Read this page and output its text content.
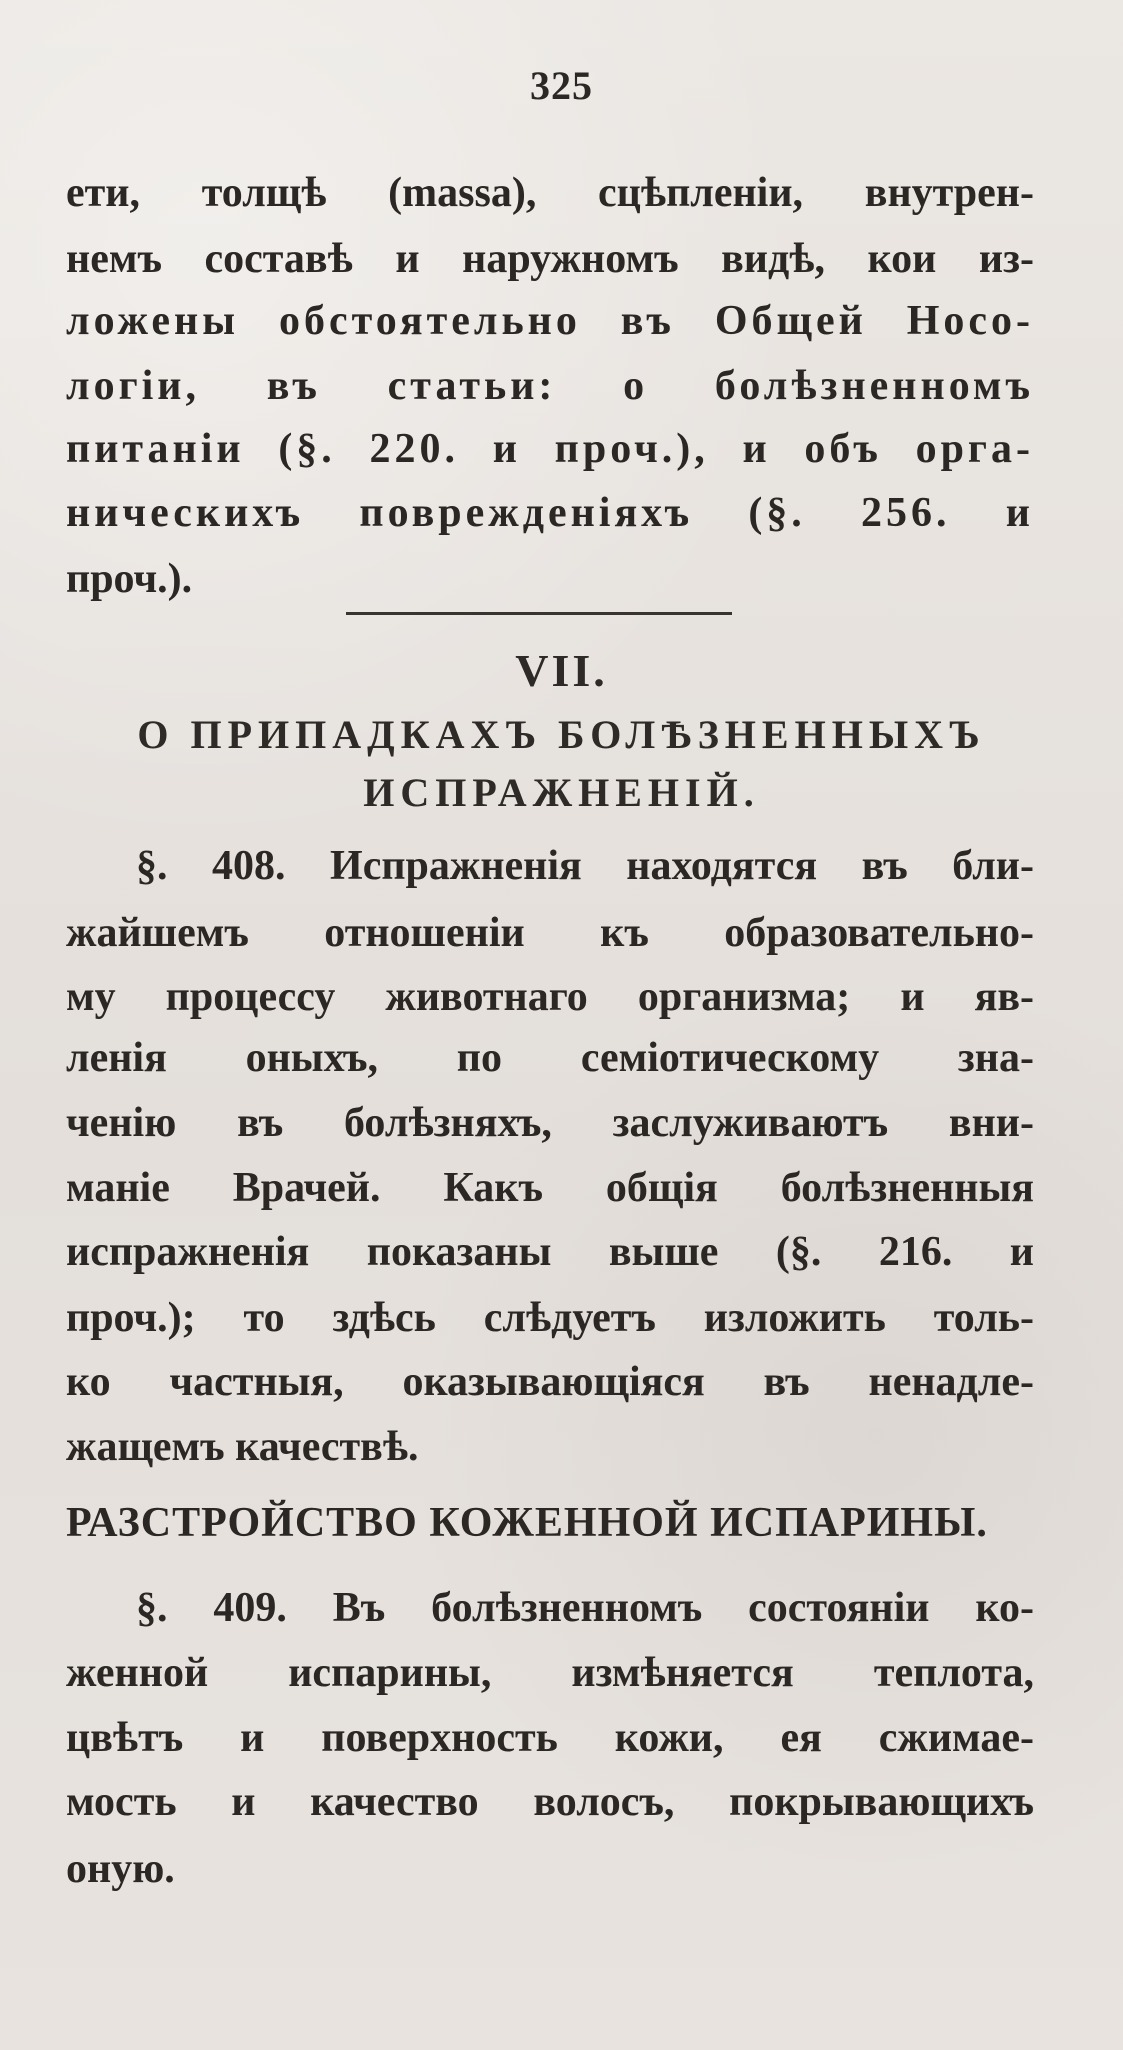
325
ети, толщѣ (massa), сцѣпленіи, внутрен-
немъ составѣ и наружномъ видѣ, кои из-
ложены обстоятельно въ Общей Носо-
логіи, въ статьи: о болѣзненномъ
питаніи (§. 220. и проч.), и объ орга-
ническихъ поврежденіяхъ (§. 256. и
проч.).
VII.
О ПРИПАДКАХЪ БОЛѢЗНЕННЫХЪ
ИСПРАЖНЕНІЙ.
§. 408. Испражненія находятся въ бли-
жайшемъ отношеніи къ образовательно-
му процессу животнаго организма; и яв-
ленія оныхъ, по семіотическому зна-
ченію въ болѣзняхъ, заслуживаютъ вни-
маніе Врачей. Какъ общія болѣзненныя
испражненія показаны выше (§. 216. и
проч.); то здѣсь слѣдуетъ изложить толь-
ко частныя, оказывающіяся въ ненадле-
жащемъ качествѣ.
РАЗСТРОЙСТВО КОЖЕННОЙ ИСПАРИНЫ.
§. 409. Въ болѣзненномъ состояніи ко-
женной испарины, измѣняется теплота,
цвѣтъ и поверхность кожи, ея сжимае-
мость и качество волосъ, покрывающихъ
оную.
